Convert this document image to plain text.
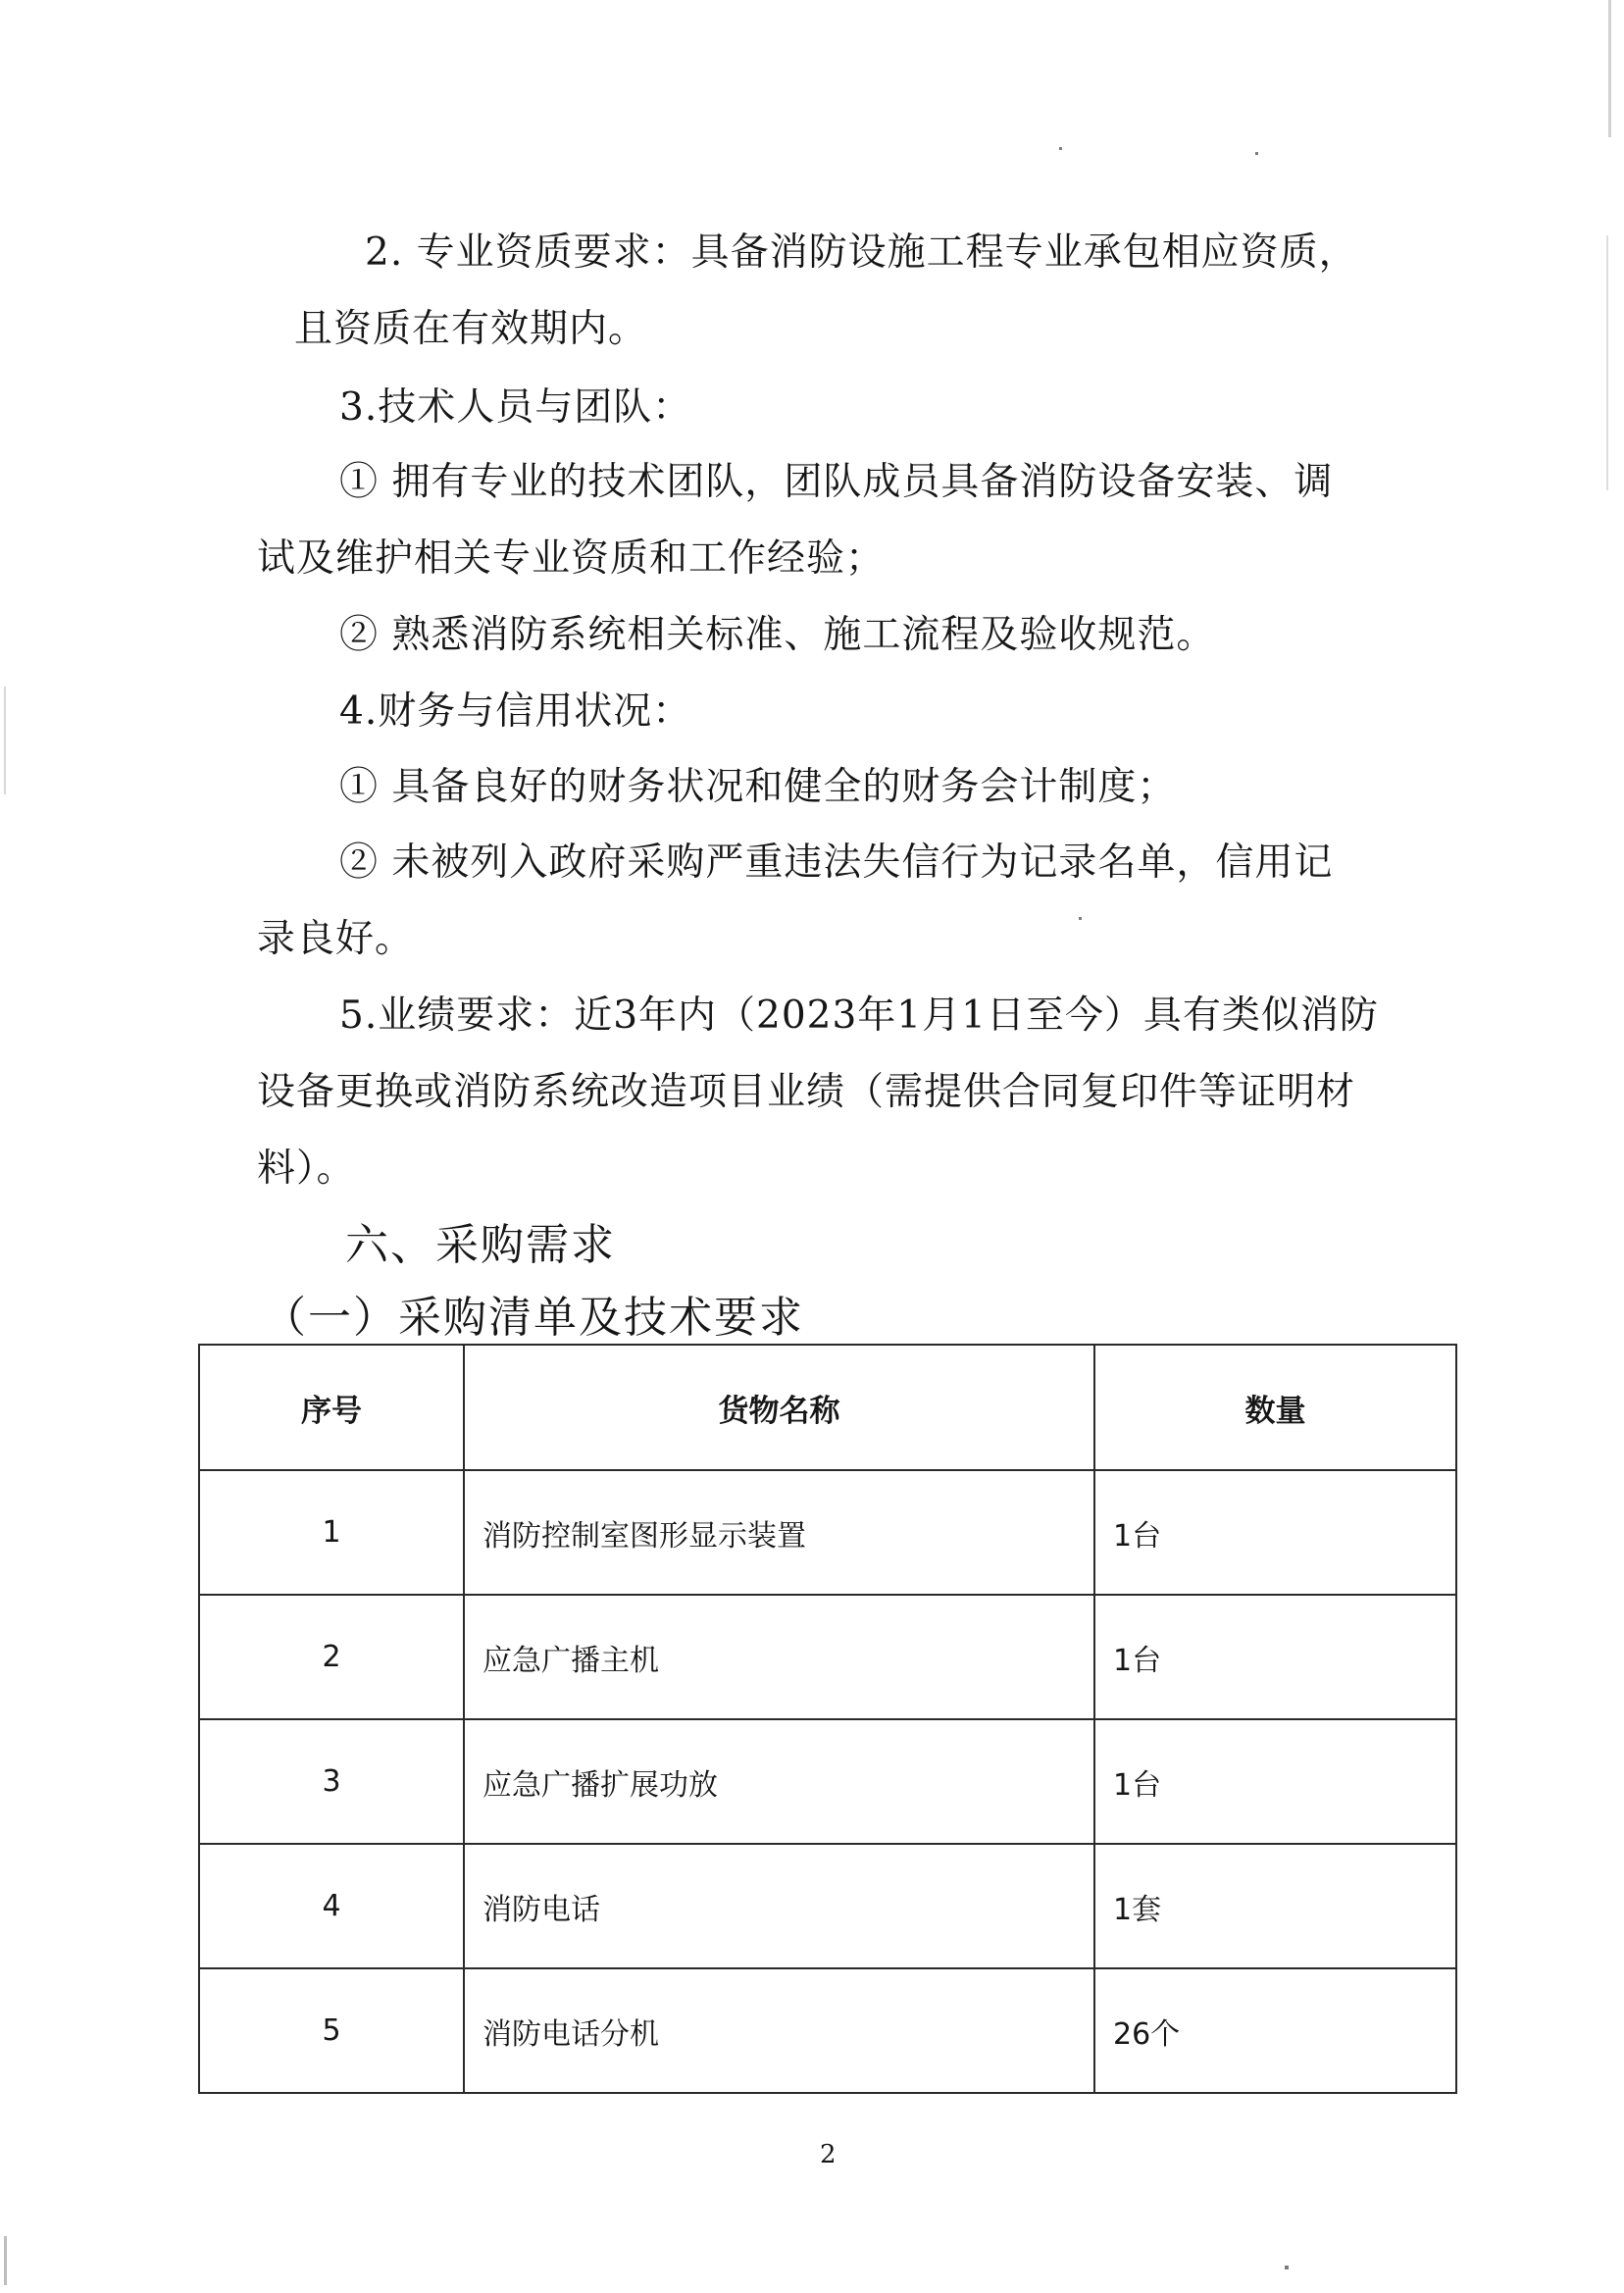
2. 专业资质要求：具备消防设施工程专业承包相应资质，
且资质在有效期内。
3.技术人员与团队：
① 拥有专业的技术团队，团队成员具备消防设备安装、调
试及维护相关专业资质和工作经验；
② 熟悉消防系统相关标准、施工流程及验收规范。
4.财务与信用状况：
① 具备良好的财务状况和健全的财务会计制度；
② 未被列入政府采购严重违法失信行为记录名单，信用记
录良好。
5.业绩要求：近3年内（2023年1月1日至今）具有类似消防
设备更换或消防系统改造项目业绩（需提供合同复印件等证明材
料）。
六、采购需求
（一）采购清单及技术要求
序号	货物名称	数量
1	消防控制室图形显示装置	1台
2	应急广播主机	1台
3	应急广播扩展功放	1台
4	消防电话	1套
5	消防电话分机	26个
2
